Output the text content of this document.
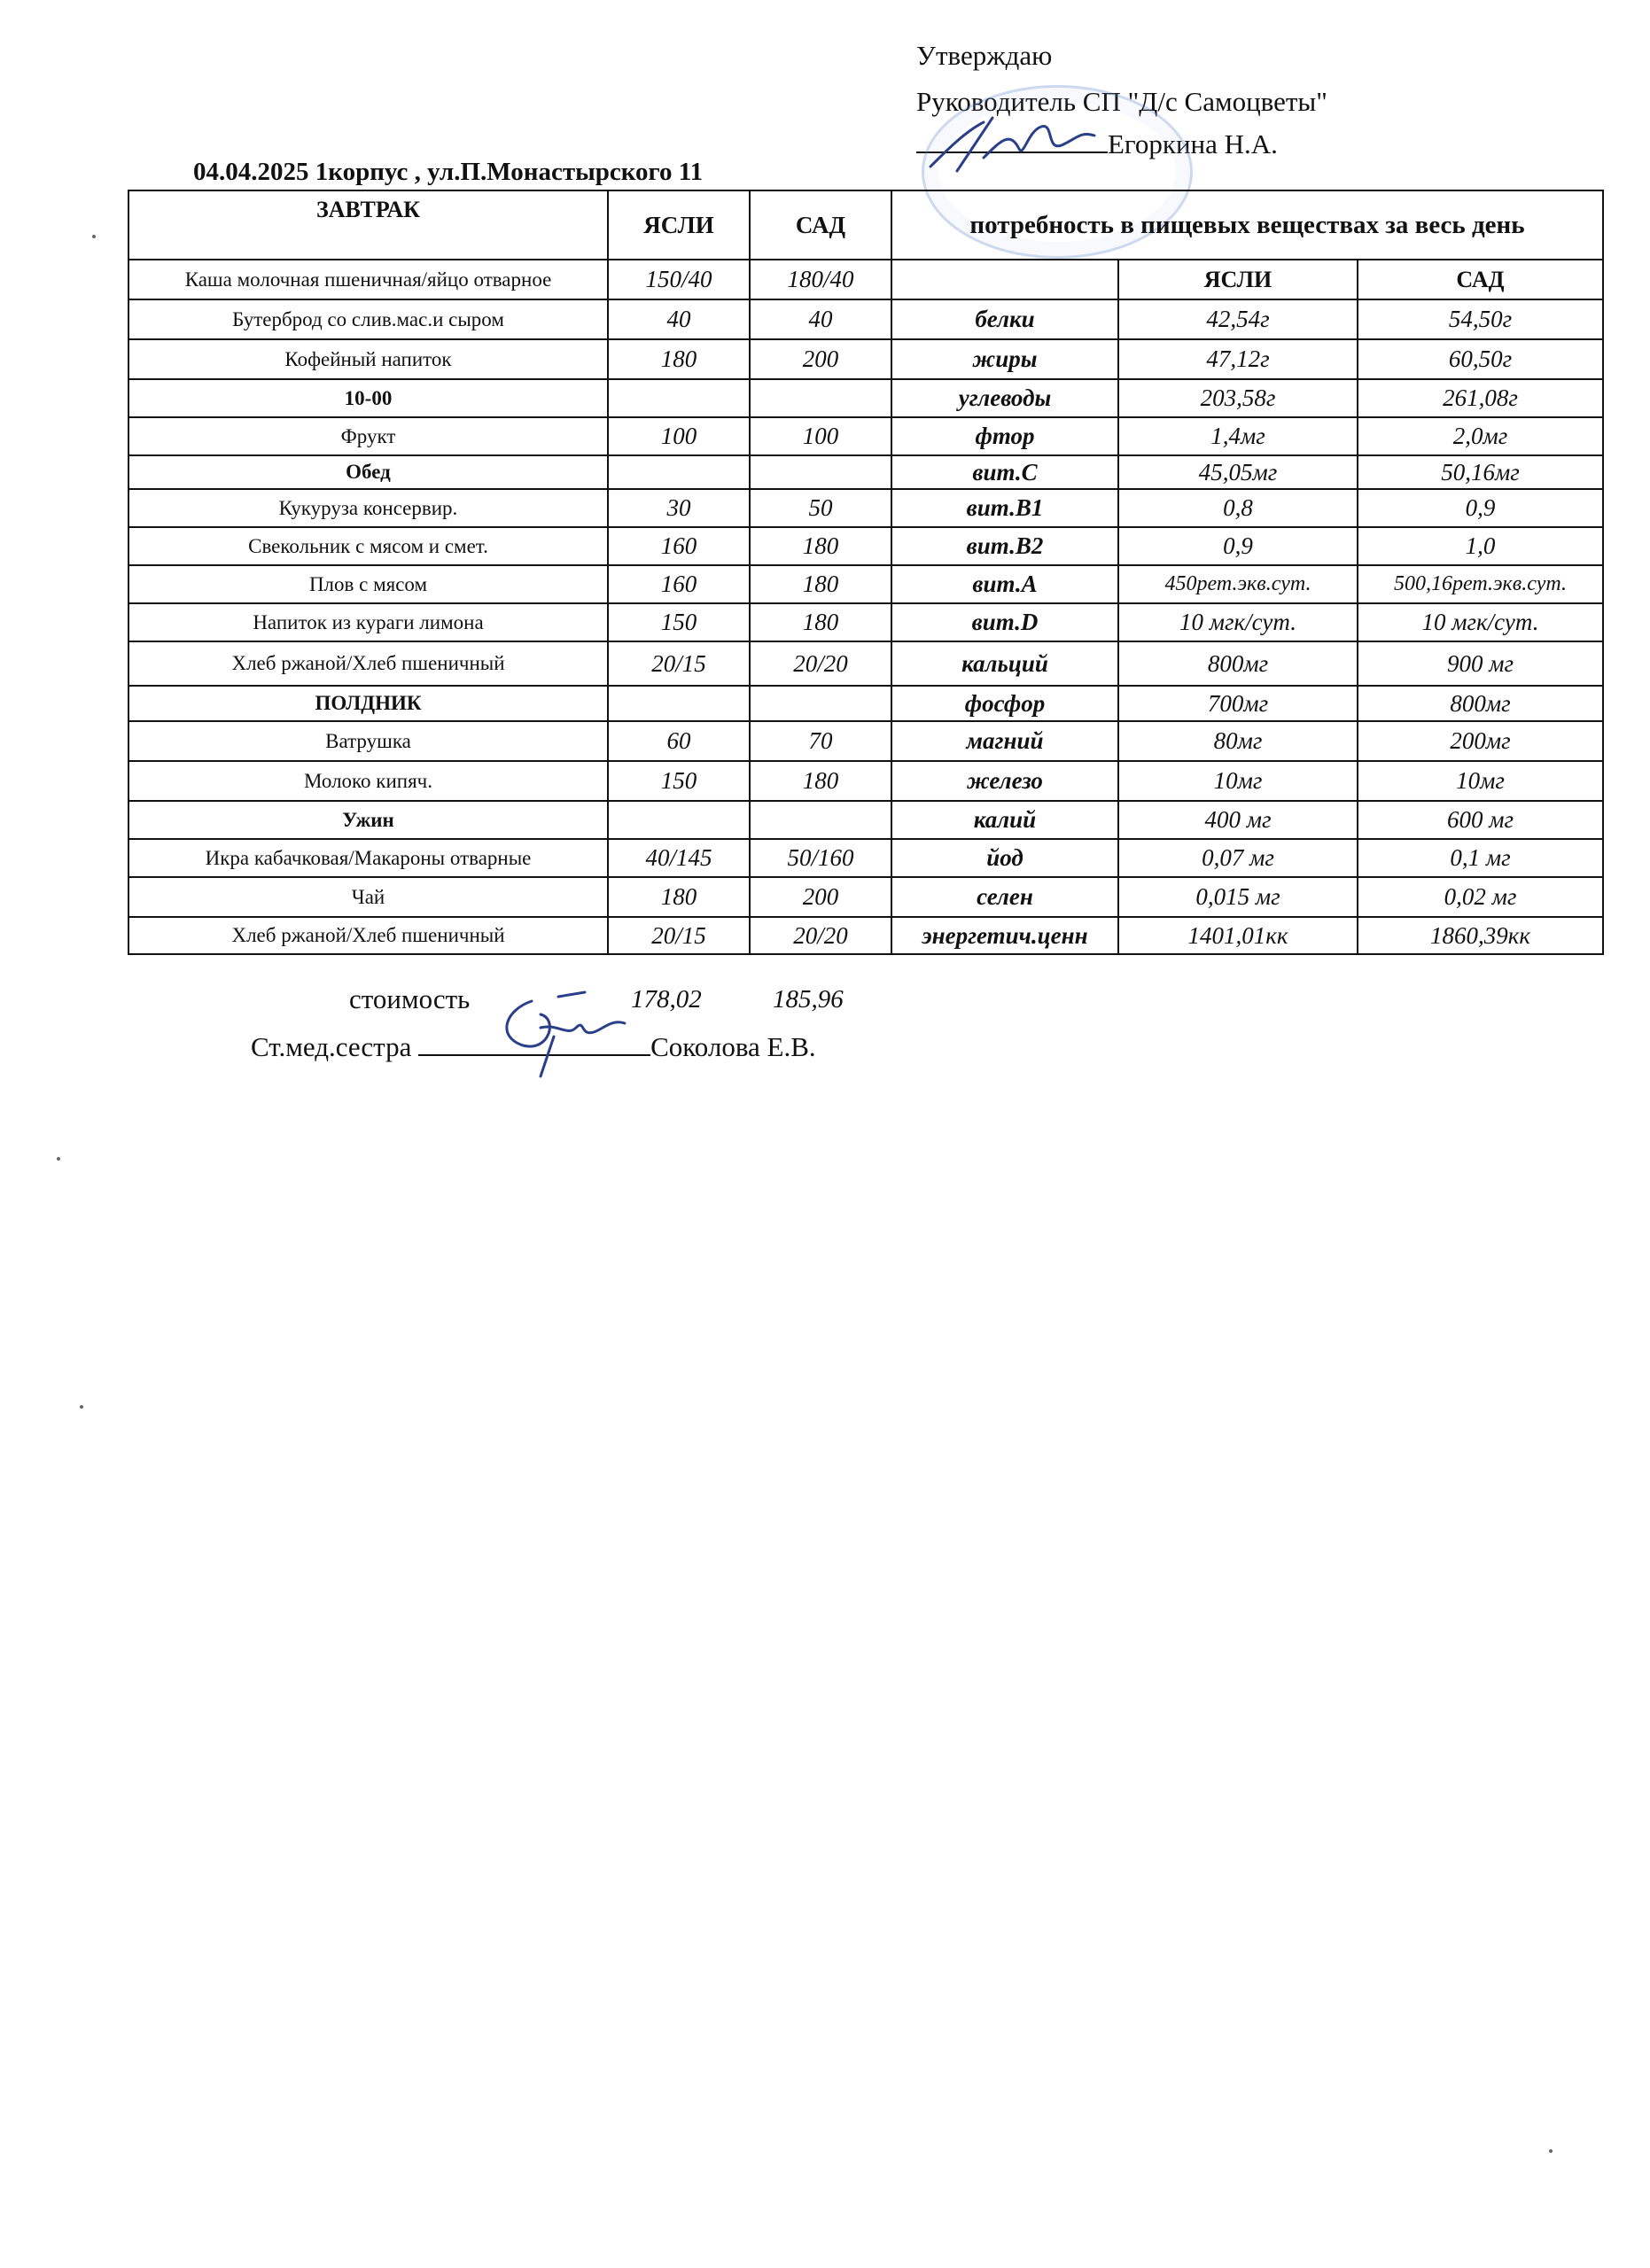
Утверждаю
Руководитель СП "Д/с Самоцветы"
Егоркина Н.А.
04.04.2025 1корпус , ул.П.Монастырского 11
ЗАВТРАК	ЯСЛИ	САД	потребность в пищевых веществах за весь день		
Каша молочная пшеничная/яйцо отварное	150/40	180/40		ЯСЛИ	САД
Бутерброд со слив.мас.и сыром	40	40	белки	42,54г	54,50г
Кофейный напиток	180	200	жиры	47,12г	60,50г
10-00			углеводы	203,58г	261,08г
Фрукт	100	100	фтор	1,4мг	2,0мг
Обед			вит.С	45,05мг	50,16мг
Кукуруза консервир.	30	50	вит.В1	0,8	0,9
Свекольник с мясом и смет.	160	180	вит.В2	0,9	1,0
Плов с мясом	160	180	вит.А	450рет.экв.сут.	500,16рет.экв.сут.
Напиток из кураги лимона	150	180	вит.D	10 мгк/сут.	10 мгк/сут.
Хлеб ржаной/Хлеб пшеничный	20/15	20/20	кальций	800мг	900 мг
ПОЛДНИК			фосфор	700мг	800мг
Ватрушка	60	70	магний	80мг	200мг
Молоко кипяч.	150	180	железо	10мг	10мг
Ужин			калий	400 мг	600 мг
Икра кабачковая/Макароны отварные	40/145	50/160	йод	0,07 мг	0,1 мг
Чай	180	200	селен	0,015 мг	0,02 мг
Хлеб ржаной/Хлеб пшеничный	20/15	20/20	энергетич.ценн	1401,01кк	1860,39кк
стоимость	178,02	185,96
Ст.мед.сестра	Соколова Е.В.
